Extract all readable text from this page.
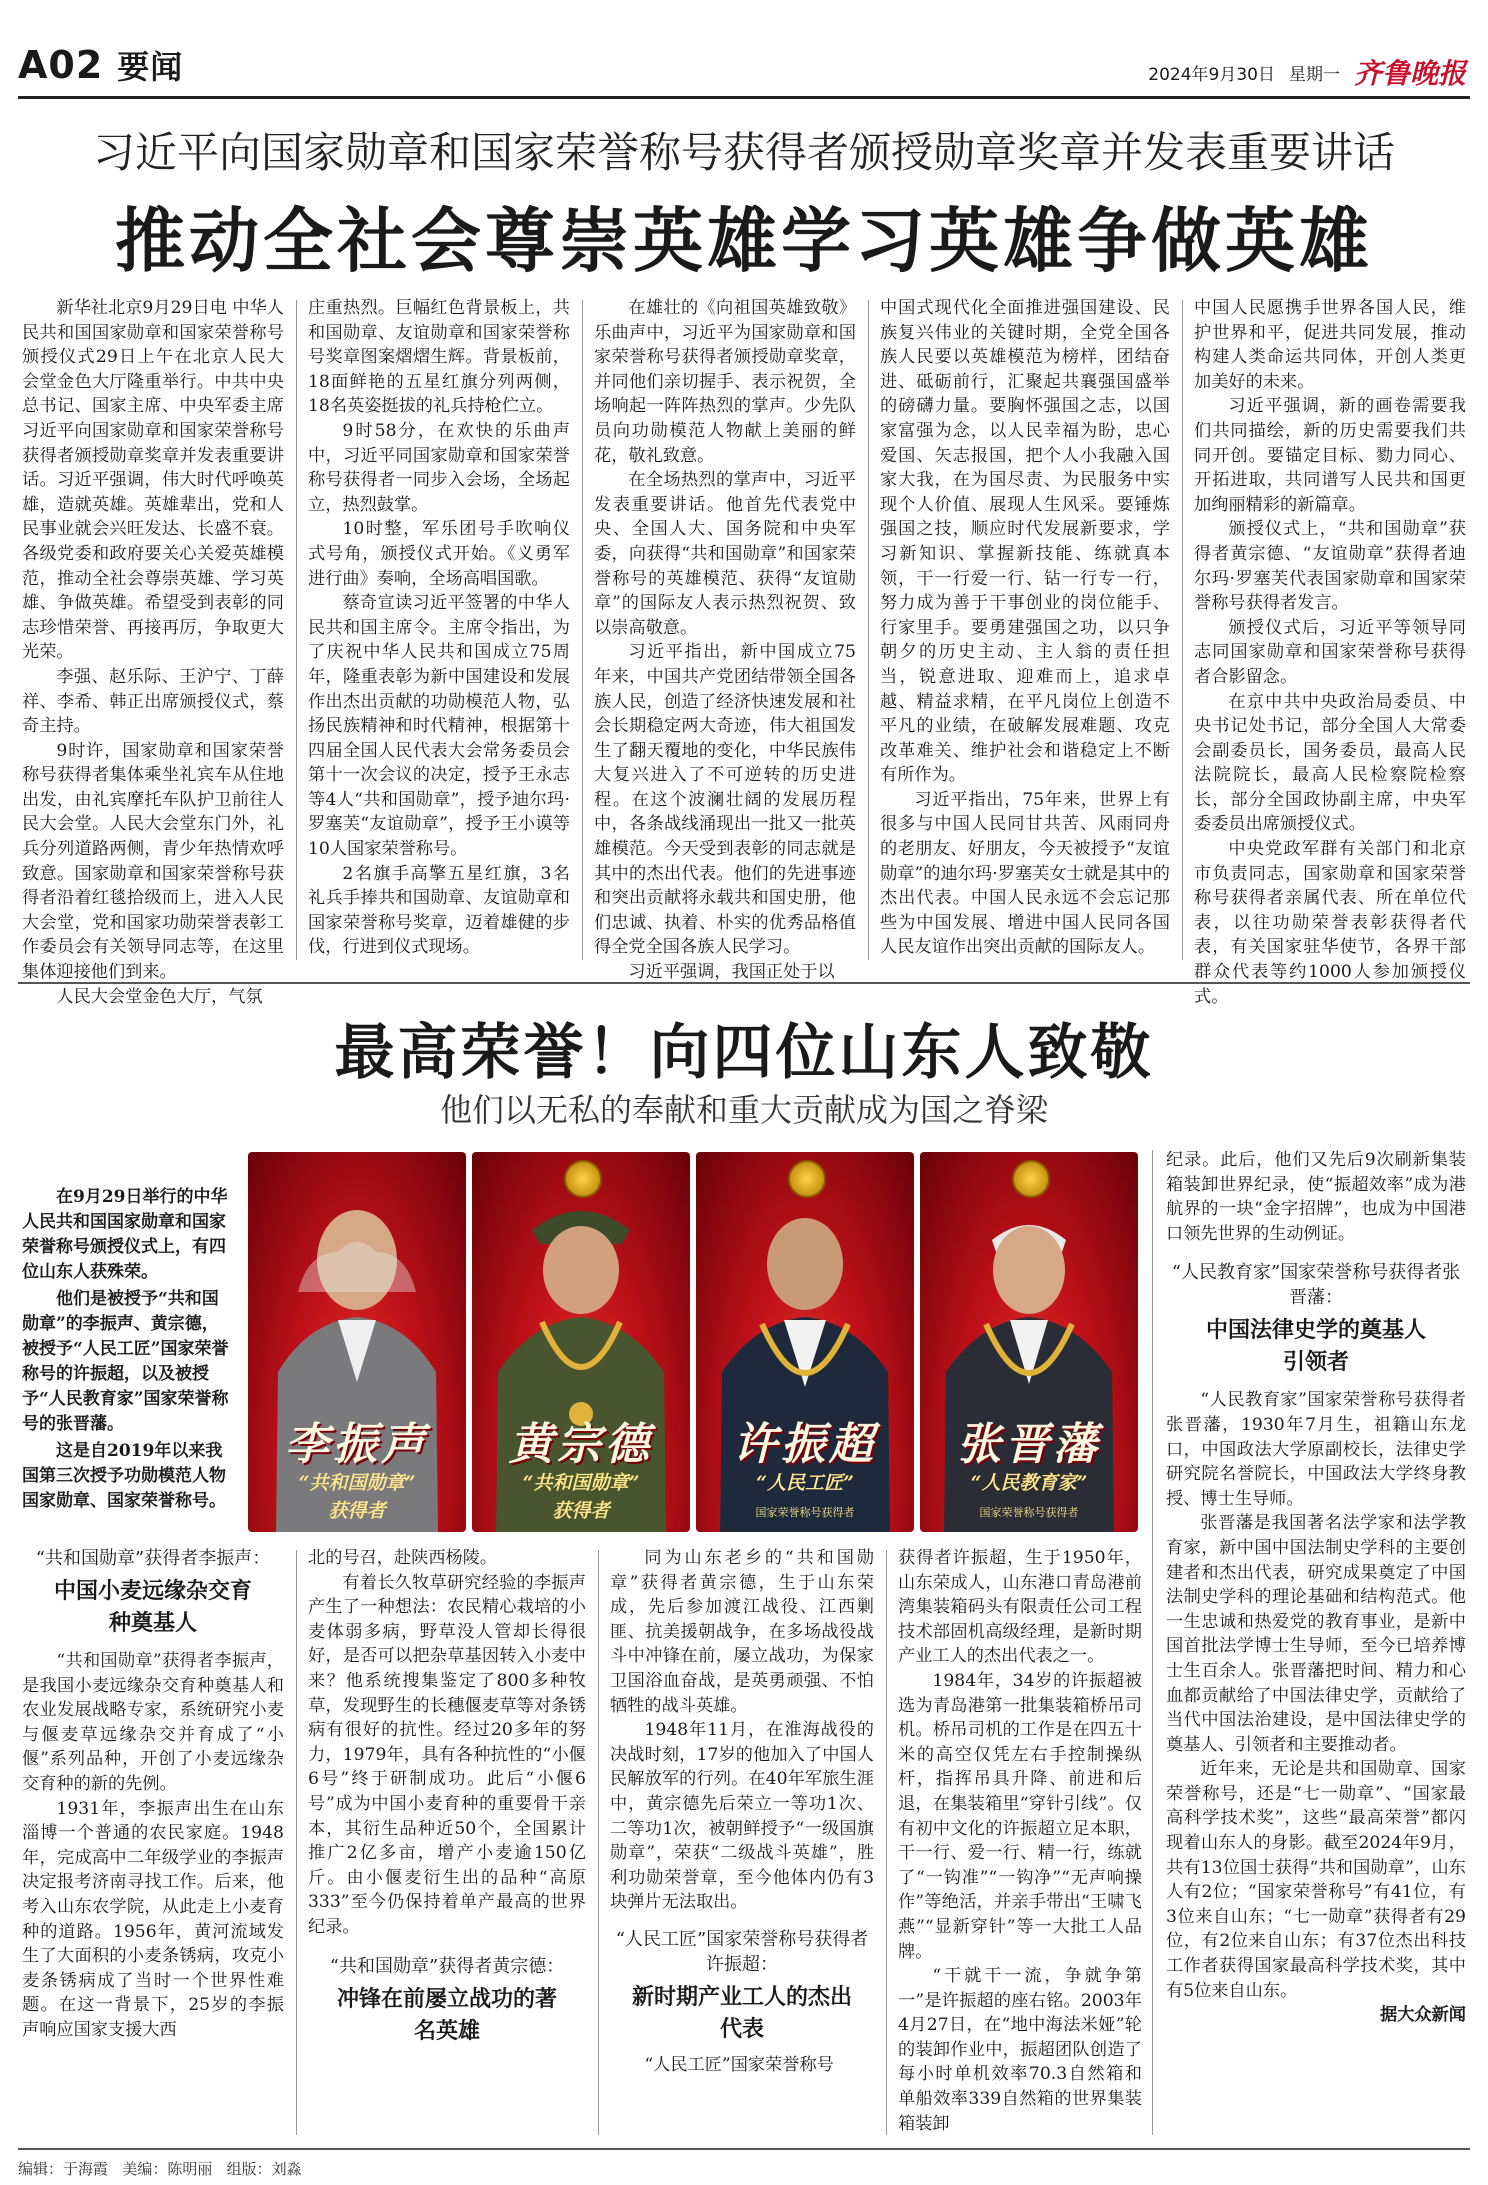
A02 要闻	2024年9月30日 星期一 齐鲁晚报
习近平向国家勋章和国家荣誉称号获得者颁授勋章奖章并发表重要讲话
推动全社会尊崇英雄学习英雄争做英雄

新华社北京9月29日电 中华人民共和国国家勋章和国家荣誉称号颁授仪式29日上午在北京人民大会堂金色大厅隆重举行。中共中央总书记、国家主席、中央军委主席习近平向国家勋章和国家荣誉称号获得者颁授勋章奖章并发表重要讲话。习近平强调，伟大时代呼唤英雄，造就英雄。英雄辈出，党和人民事业就会兴旺发达、长盛不衰。各级党委和政府要关心关爱英雄模范，推动全社会尊崇英雄、学习英雄、争做英雄。希望受到表彰的同志珍惜荣誉、再接再厉，争取更大光荣。

李强、赵乐际、王沪宁、丁薛祥、李希、韩正出席颁授仪式，蔡奇主持。

9时许，国家勋章和国家荣誉称号获得者集体乘坐礼宾车从住地出发，由礼宾摩托车队护卫前往人民大会堂。人民大会堂东门外，礼兵分列道路两侧，青少年热情欢呼致意。国家勋章和国家荣誉称号获得者沿着红毯拾级而上，进入人民大会堂，党和国家功勋荣誉表彰工作委员会有关领导同志等，在这里集体迎接他们到来。

人民大会堂金色大厅，气氛

庄重热烈。巨幅红色背景板上，共和国勋章、友谊勋章和国家荣誉称号奖章图案熠熠生辉。背景板前，18面鲜艳的五星红旗分列两侧，18名英姿挺拔的礼兵持枪伫立。

9时58分，在欢快的乐曲声中，习近平同国家勋章和国家荣誉称号获得者一同步入会场，全场起立，热烈鼓掌。

10时整，军乐团号手吹响仪式号角，颁授仪式开始。《义勇军进行曲》奏响，全场高唱国歌。

蔡奇宣读习近平签署的中华人民共和国主席令。主席令指出，为了庆祝中华人民共和国成立75周年，隆重表彰为新中国建设和发展作出杰出贡献的功勋模范人物，弘扬民族精神和时代精神，根据第十四届全国人民代表大会常务委员会第十一次会议的决定，授予王永志等4人“共和国勋章”，授予迪尔玛·罗塞芙“友谊勋章”，授予王小谟等10人国家荣誉称号。

2名旗手高擎五星红旗，3名礼兵手捧共和国勋章、友谊勋章和国家荣誉称号奖章，迈着雄健的步伐，行进到仪式现场。

在雄壮的《向祖国英雄致敬》乐曲声中，习近平为国家勋章和国家荣誉称号获得者颁授勋章奖章，并同他们亲切握手、表示祝贺，全场响起一阵阵热烈的掌声。少先队员向功勋模范人物献上美丽的鲜花，敬礼致意。

在全场热烈的掌声中，习近平发表重要讲话。他首先代表党中央、全国人大、国务院和中央军委，向获得“共和国勋章”和国家荣誉称号的英雄模范、获得“友谊勋章”的国际友人表示热烈祝贺、致以崇高敬意。

习近平指出，新中国成立75年来，中国共产党团结带领全国各族人民，创造了经济快速发展和社会长期稳定两大奇迹，伟大祖国发生了翻天覆地的变化，中华民族伟大复兴进入了不可逆转的历史进程。在这个波澜壮阔的发展历程中，各条战线涌现出一批又一批英雄模范。今天受到表彰的同志就是其中的杰出代表。他们的先进事迹和突出贡献将永载共和国史册，他们忠诚、执着、朴实的优秀品格值得全党全国各族人民学习。

习近平强调，我国正处于以

中国式现代化全面推进强国建设、民族复兴伟业的关键时期，全党全国各族人民要以英雄模范为榜样，团结奋进、砥砺前行，汇聚起共襄强国盛举的磅礴力量。要胸怀强国之志，以国家富强为念，以人民幸福为盼，忠心爱国、矢志报国，把个人小我融入国家大我，在为国尽责、为民服务中实现个人价值、展现人生风采。要锤炼强国之技，顺应时代发展新要求，学习新知识、掌握新技能、练就真本领，干一行爱一行、钻一行专一行，努力成为善于干事创业的岗位能手、行家里手。要勇建强国之功，以只争朝夕的历史主动、主人翁的责任担当，锐意进取、迎难而上，追求卓越、精益求精，在平凡岗位上创造不平凡的业绩，在破解发展难题、攻克改革难关、维护社会和谐稳定上不断有所作为。

习近平指出，75年来，世界上有很多与中国人民同甘共苦、风雨同舟的老朋友、好朋友，今天被授予“友谊勋章”的迪尔玛·罗塞芙女士就是其中的杰出代表。中国人民永远不会忘记那些为中国发展、增进中国人民同各国人民友谊作出突出贡献的国际友人。

中国人民愿携手世界各国人民，维护世界和平，促进共同发展，推动构建人类命运共同体，开创人类更加美好的未来。

习近平强调，新的画卷需要我们共同描绘，新的历史需要我们共同开创。要锚定目标、勠力同心、开拓进取，共同谱写人民共和国更加绚丽精彩的新篇章。

颁授仪式上，“共和国勋章”获得者黄宗德、“友谊勋章”获得者迪尔玛·罗塞芙代表国家勋章和国家荣誉称号获得者发言。

颁授仪式后，习近平等领导同志同国家勋章和国家荣誉称号获得者合影留念。

在京中共中央政治局委员、中央书记处书记，部分全国人大常委会副委员长，国务委员，最高人民法院院长，最高人民检察院检察长，部分全国政协副主席，中央军委委员出席颁授仪式。

中央党政军群有关部门和北京市负责同志，国家勋章和国家荣誉称号获得者亲属代表、所在单位代表，以往功勋荣誉表彰获得者代表，有关国家驻华使节，各界干部群众代表等约1000人参加颁授仪式。

最高荣誉！向四位山东人致敬
他们以无私的奉献和重大贡献成为国之脊梁

在9月29日举行的中华人民共和国国家勋章和国家荣誉称号颁授仪式上，有四位山东人获殊荣。

他们是被授予“共和国勋章”的李振声、黄宗德，被授予“人民工匠”国家荣誉称号的许振超，以及被授予“人民教育家”国家荣誉称号的张晋藩。

这是自2019年以来我国第三次授予功勋模范人物国家勋章、国家荣誉称号。

李振声
“共和国勋章”
获得者
黄宗德
“共和国勋章”
获得者
许振超
“人民工匠”
国家荣誉称号获得者
张晋藩
“人民教育家”
国家荣誉称号获得者

纪录。此后，他们又先后9次刷新集装箱装卸世界纪录，使“振超效率”成为港航界的一块“金字招牌”，也成为中国港口领先世界的生动例证。

“人民教育家”国家荣誉称号获得者张晋藩：
中国法律史学的奠基人引领者

“人民教育家”国家荣誉称号获得者张晋藩，1930年7月生，祖籍山东龙口，中国政法大学原副校长，法律史学研究院名誉院长，中国政法大学终身教授、博士生导师。

张晋藩是我国著名法学家和法学教育家，新中国中国法制史学科的主要创建者和杰出代表，研究成果奠定了中国法制史学科的理论基础和结构范式。他一生忠诚和热爱党的教育事业，是新中国首批法学博士生导师，至今已培养博士生百余人。张晋藩把时间、精力和心血都贡献给了中国法律史学，贡献给了当代中国法治建设，是中国法律史学的奠基人、引领者和主要推动者。

近年来，无论是共和国勋章、国家荣誉称号，还是“七一勋章”、“国家最高科学技术奖”，这些“最高荣誉”都闪现着山东人的身影。截至2024年9月，共有13位国士获得“共和国勋章”，山东人有2位；“国家荣誉称号”有41位，有3位来自山东；“七一勋章”获得者有29位，有2位来自山东；有37位杰出科技工作者获得国家最高科学技术奖，其中有5位来自山东。

据大众新闻
“共和国勋章”获得者李振声：
中国小麦远缘杂交育种奠基人

“共和国勋章”获得者李振声，是我国小麦远缘杂交育种奠基人和农业发展战略专家，系统研究小麦与偃麦草远缘杂交并育成了“小偃”系列品种，开创了小麦远缘杂交育种的新的先例。

1931年，李振声出生在山东淄博一个普通的农民家庭。1948年，完成高中二年级学业的李振声决定报考济南寻找工作。后来，他考入山东农学院，从此走上小麦育种的道路。1956年，黄河流域发生了大面积的小麦条锈病，攻克小麦条锈病成了当时一个世界性难题。在这一背景下，25岁的李振声响应国家支援大西

北的号召，赴陕西杨陵。

有着长久牧草研究经验的李振声产生了一种想法：农民精心栽培的小麦体弱多病，野草没人管却长得很好，是否可以把杂草基因转入小麦中来？他系统搜集鉴定了800多种牧草，发现野生的长穗偃麦草等对条锈病有很好的抗性。经过20多年的努力，1979年，具有各种抗性的“小偃6号”终于研制成功。此后“小偃6号”成为中国小麦育种的重要骨干亲本，其衍生品种近50个，全国累计推广2亿多亩，增产小麦逾150亿斤。由小偃麦衍生出的品种“高原333”至今仍保持着单产最高的世界纪录。

“共和国勋章”获得者黄宗德：
冲锋在前屡立战功的著名英雄

同为山东老乡的“共和国勋章”获得者黄宗德，生于山东荣成，先后参加渡江战役、江西剿匪、抗美援朝战争，在多场战役战斗中冲锋在前，屡立战功，为保家卫国浴血奋战，是英勇顽强、不怕牺牲的战斗英雄。

1948年11月，在淮海战役的决战时刻，17岁的他加入了中国人民解放军的行列。在40年军旅生涯中，黄宗德先后荣立一等功1次、二等功1次，被朝鲜授予“一级国旗勋章”，荣获“二级战斗英雄”，胜利功勋荣誉章，至今他体内仍有3块弹片无法取出。

“人民工匠”国家荣誉称号获得者许振超：
新时期产业工人的杰出代表

“人民工匠”国家荣誉称号

获得者许振超，生于1950年，山东荣成人，山东港口青岛港前湾集装箱码头有限责任公司工程技术部固机高级经理，是新时期产业工人的杰出代表之一。

1984年，34岁的许振超被选为青岛港第一批集装箱桥吊司机。桥吊司机的工作是在四五十米的高空仅凭左右手控制操纵杆，指挥吊具升降、前进和后退，在集装箱里“穿针引线”。仅有初中文化的许振超立足本职，干一行、爱一行、精一行，练就了“一钩准”“一钩净”“无声响操作”等绝活，并亲手带出“王啸飞燕”“显新穿针”等一大批工人品牌。

“干就干一流，争就争第一”是许振超的座右铭。2003年4月27日，在“地中海法米娅”轮的装卸作业中，振超团队创造了每小时单机效率70.3自然箱和单船效率339自然箱的世界集装箱装卸

编辑：于海霞 美编：陈明丽 组版：刘淼
